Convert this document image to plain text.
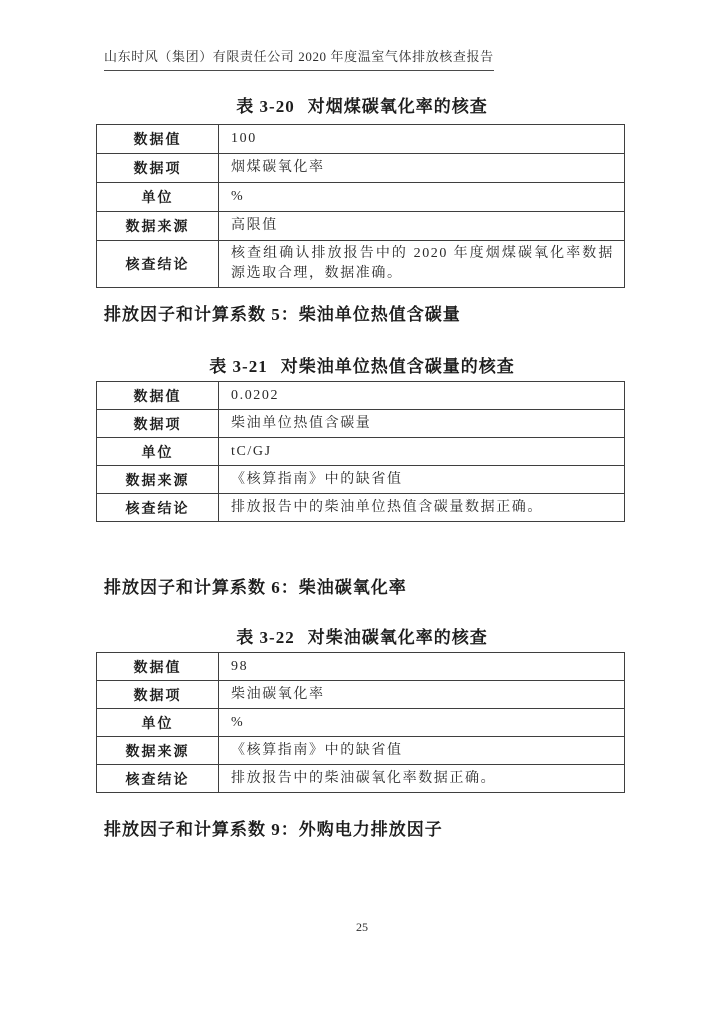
山东时风（集团）有限责任公司 2020 年度温室气体排放核查报告
表 3-20 对烟煤碳氧化率的核查
数据值	100
数据项	烟煤碳氧化率
单位	%
数据来源	高限值
核查结论	核查组确认排放报告中的 2020 年度烟煤碳氧化率数据源选取合理，数据准确。
排放因子和计算系数 5：柴油单位热值含碳量
表 3-21 对柴油单位热值含碳量的核查
数据值	0.0202
数据项	柴油单位热值含碳量
单位	tC/GJ
数据来源	《核算指南》中的缺省值
核查结论	排放报告中的柴油单位热值含碳量数据正确。
排放因子和计算系数 6：柴油碳氧化率
表 3-22 对柴油碳氧化率的核查
数据值	98
数据项	柴油碳氧化率
单位	%
数据来源	《核算指南》中的缺省值
核查结论	排放报告中的柴油碳氧化率数据正确。
排放因子和计算系数 9：外购电力排放因子
25
